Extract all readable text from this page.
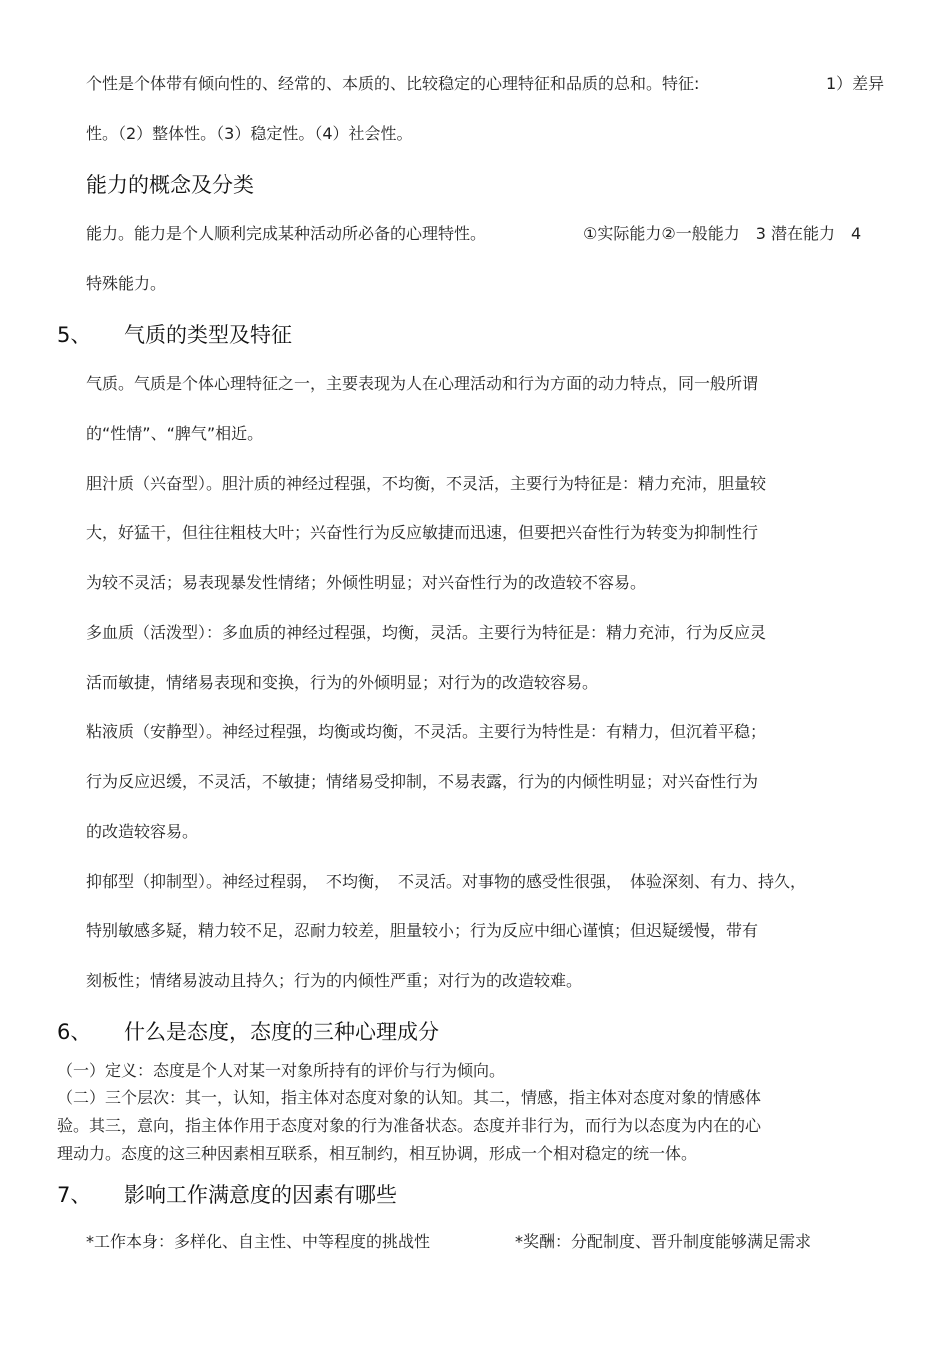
个性是个体带有倾向性的、经常的、本质的、比较稳定的心理特征和品质的总和。特征:	1）差异
性。（2）整体性。（3）稳定性。（4）社会性。
能力的概念及分类
能力。能力是个人顺利完成某种活动所必备的心理特性。	①实际能力②一般能力　3 潜在能力　4
特殊能力。
5、 气质的类型及特征
气质。气质是个体心理特征之一，主要表现为人在心理活动和行为方面的动力特点，同一般所谓
的“性情”、“脾气”相近。
胆汁质（兴奋型）。胆汁质的神经过程强，不均衡，不灵活，主要行为特征是：精力充沛，胆量较
大，好猛干，但往往粗枝大叶；兴奋性行为反应敏捷而迅速，但要把兴奋性行为转变为抑制性行
为较不灵活；易表现暴发性情绪；外倾性明显；对兴奋性行为的改造较不容易。
多血质（活泼型）：多血质的神经过程强，均衡，灵活。主要行为特征是：精力充沛，行为反应灵
活而敏捷，情绪易表现和变换，行为的外倾明显；对行为的改造较容易。
粘液质（安静型）。神经过程强，均衡或均衡，不灵活。主要行为特性是：有精力，但沉着平稳；
行为反应迟缓，不灵活，不敏捷；情绪易受抑制，不易表露，行为的内倾性明显；对兴奋性行为
的改造较容易。
抑郁型（抑制型）。神经过程弱，　不均衡，　不灵活。对事物的感受性很强，　体验深刻、有力、持久，
特别敏感多疑，精力较不足，忍耐力较差，胆量较小；行为反应中细心谨慎；但迟疑缓慢，带有
刻板性；情绪易波动且持久；行为的内倾性严重；对行为的改造较难。
6、 什么是态度，态度的三种心理成分
（一）定义：态度是个人对某一对象所持有的评价与行为倾向。
（二）三个层次：其一，认知，指主体对态度对象的认知。其二，情感，指主体对态度对象的情感体
验。其三，意向，指主体作用于态度对象的行为准备状态。态度并非行为，而行为以态度为内在的心
理动力。态度的这三种因素相互联系，相互制约，相互协调，形成一个相对稳定的统一体。
7、 影响工作满意度的因素有哪些
*工作本身：多样化、自主性、中等程度的挑战性	*奖酬：分配制度、晋升制度能够满足需求
